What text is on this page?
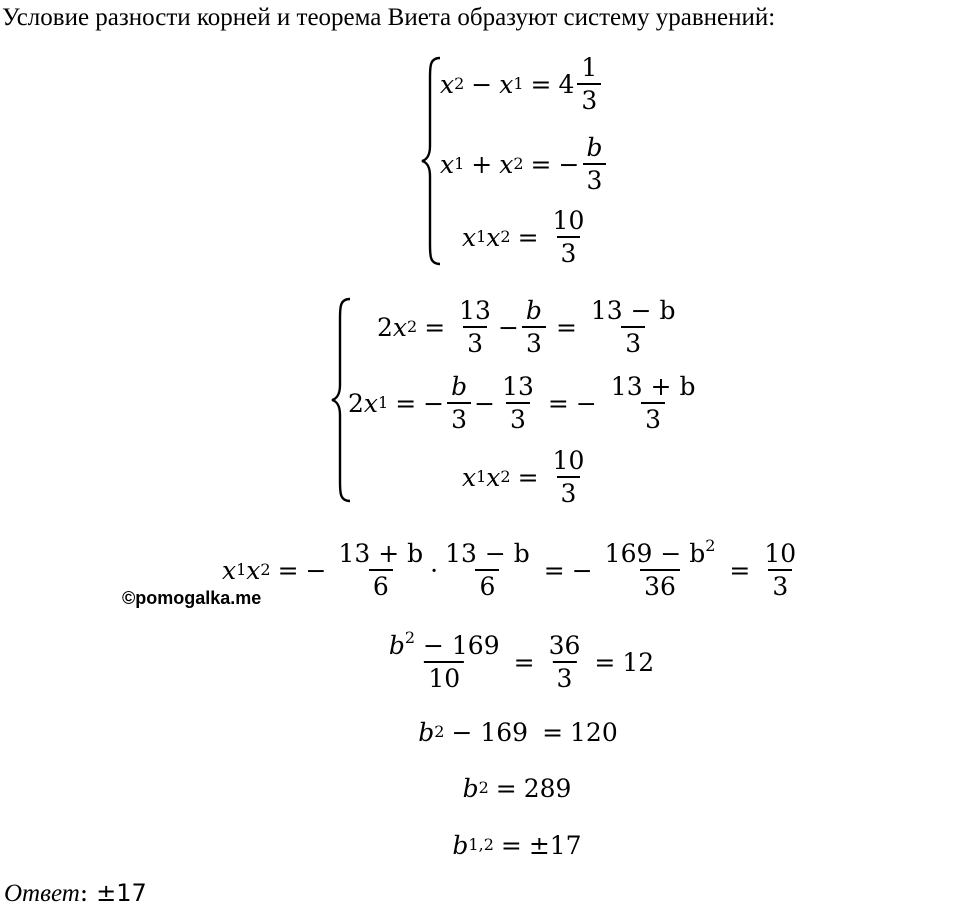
Условие разности корней и теорема Виета образуют систему уравнений:
x 2 − x $1 = 4 \frac{1}{3}$
x 1 + x 2 = − $\frac{b}{3}$
x 1 x $2 = \frac{10}{3}$
2 x $2 = \frac{13}{3} - \frac{b}{3} = \frac{13 - b}{3}$
2 x 1 = − $\frac{b}{3} - \frac{13}{3}$ = − $\frac{13 + b}{3}$
x 1 x $2 = \frac{10}{3}$
x 1 x 2 = − $\frac{13 + b}{6} \cdot \frac{13 - b}{6}$ = − $\frac{169 - b^2}{36} = \frac{10}{3}$
©pomogalka.me
$\frac{b^2 - 169}{10} = \frac{36}{3} = 12$
b 2 − 169 = 120
b 2 = 289
b 1,2 = ±17
Ответ: ±17
